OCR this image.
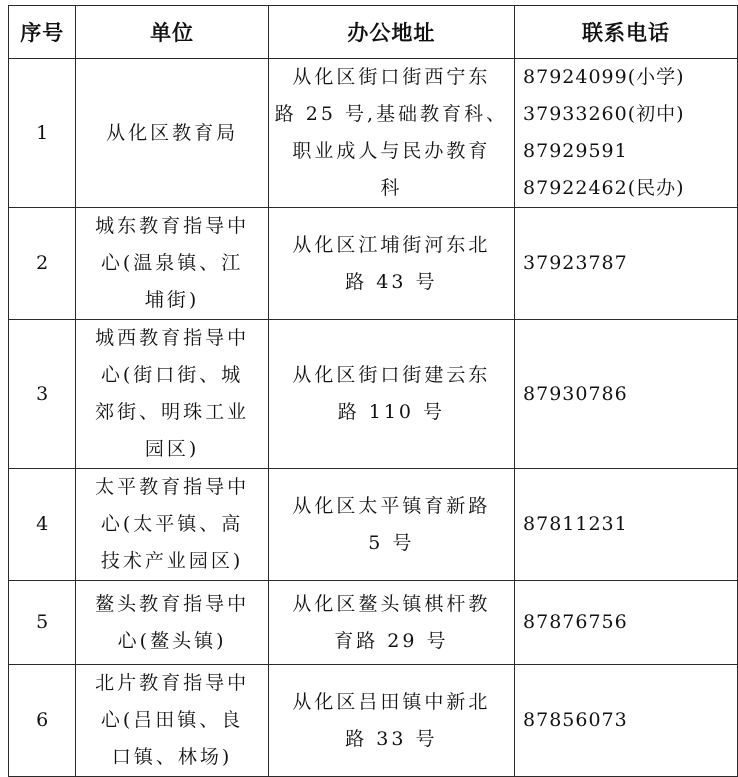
序号	单位	办公地址	联系电话
1	从化区教育局	从化区街口街西宁东
路 25 号,基础教育科、
职业成人与民办教育
科	87924099(小学)
37933260(初中)
87929591
87922462(民办)

2	城东教育指导中
心(温泉镇、江
埔街)	从化区江埔街河东北
路 43 号	37923787

3	城西教育指导中
心(街口街、城
郊街、明珠工业
园区)	从化区街口街建云东
路 110 号	87930786

4	太平教育指导中
心(太平镇、高
技术产业园区)	从化区太平镇育新路
5 号	87811231

5	鳌头教育指导中
心(鳌头镇)	从化区鳌头镇棋杆教
育路 29 号	87876756

6	北片教育指导中
心(吕田镇、良
口镇、林场)	从化区吕田镇中新北
路 33 号	87856073
